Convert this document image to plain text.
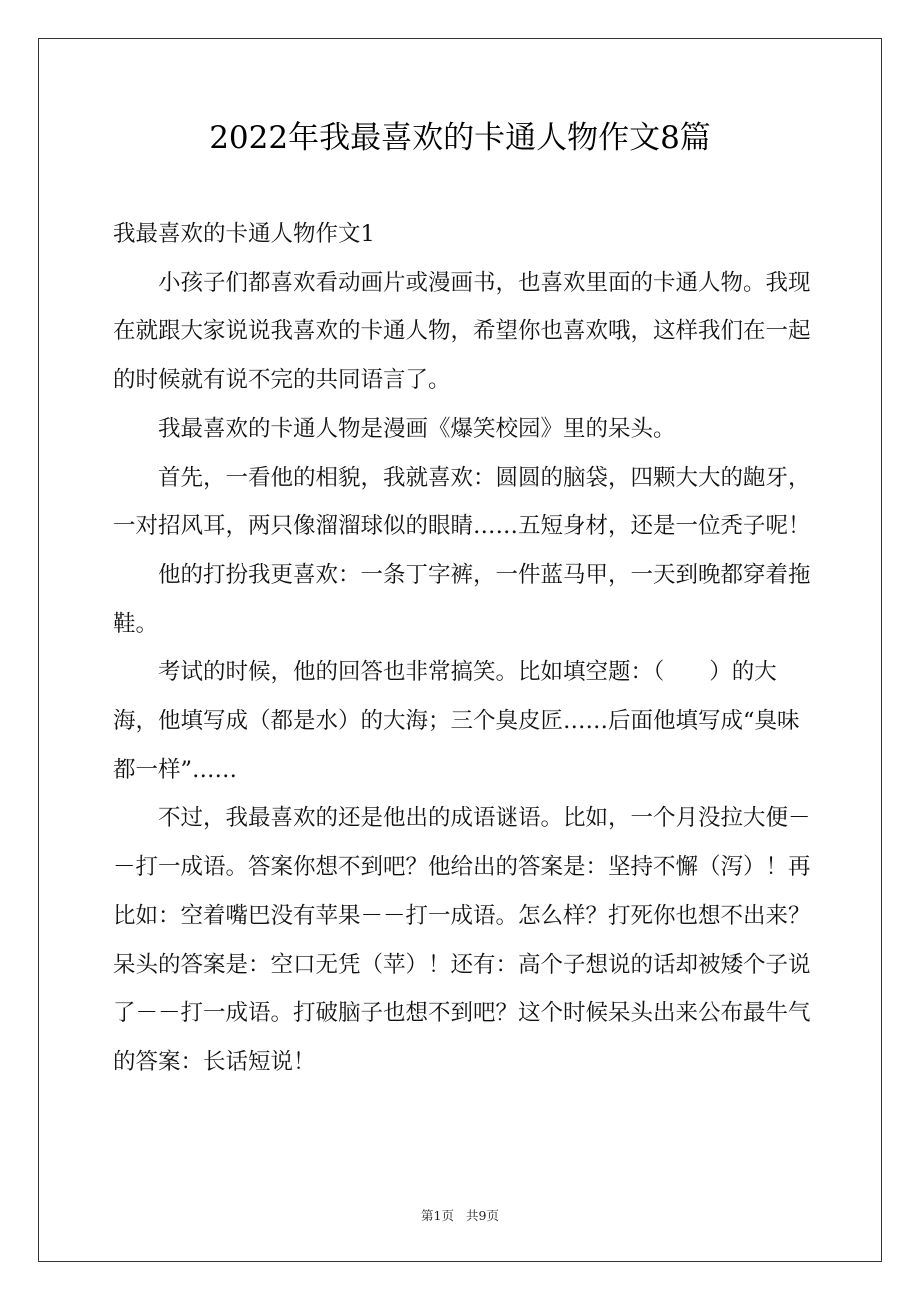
2022年我最喜欢的卡通人物作文8篇

我最喜欢的卡通人物作文1

小孩子们都喜欢看动画片或漫画书，也喜欢里面的卡通人物。我现在就跟大家说说我喜欢的卡通人物，希望你也喜欢哦，这样我们在一起的时候就有说不完的共同语言了。

我最喜欢的卡通人物是漫画《爆笑校园》里的呆头。

首先，一看他的相貌，我就喜欢：圆圆的脑袋，四颗大大的龅牙，一对招风耳，两只像溜溜球似的眼睛……五短身材，还是一位秃子呢！

他的打扮我更喜欢：一条丁字裤，一件蓝马甲，一天到晚都穿着拖鞋。

考试的时候，他的回答也非常搞笑。比如填空题：（　　）的大海，他填写成（都是水）的大海；三个臭皮匠……后面他填写成“臭味都一样”……

不过，我最喜欢的还是他出的成语谜语。比如，一个月没拉大便－－打一成语。答案你想不到吧？他给出的答案是：坚持不懈（泻）！再比如：空着嘴巴没有苹果－－打一成语。怎么样？打死你也想不出来？呆头的答案是：空口无凭（苹）！还有：高个子想说的话却被矮个子说了－－打一成语。打破脑子也想不到吧？这个时候呆头出来公布最牛气的答案：长话短说！

第1页 共9页
